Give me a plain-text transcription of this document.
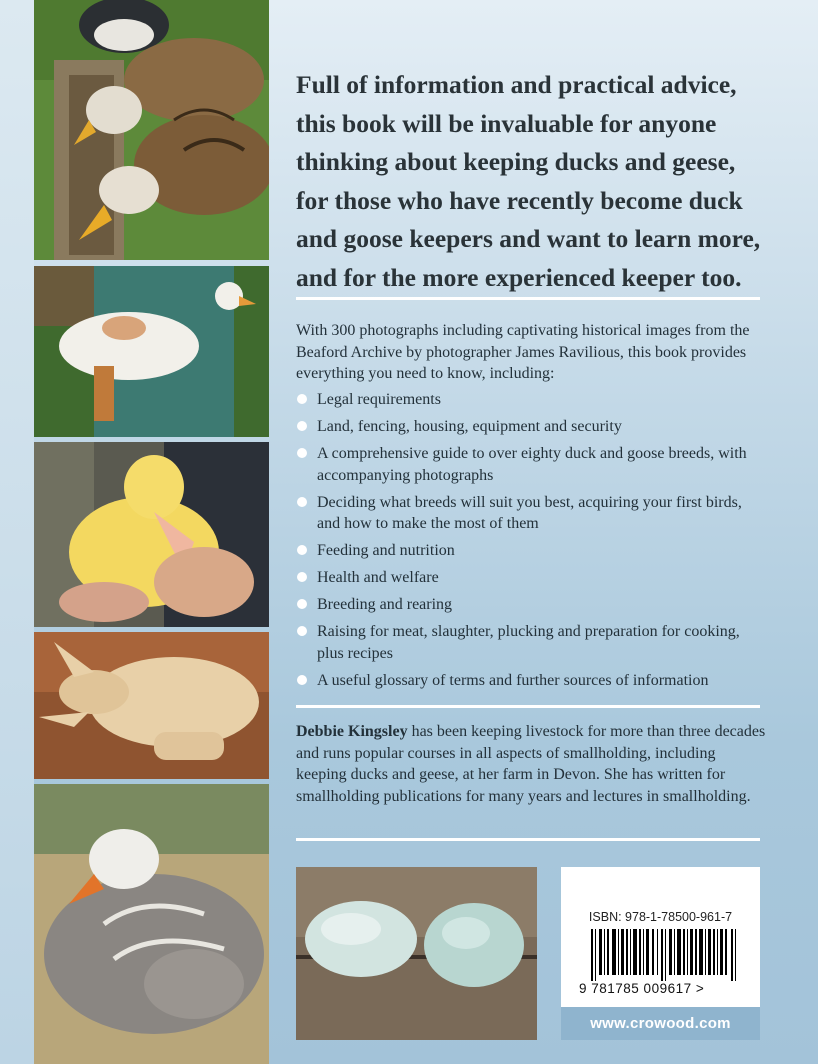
Full of information and practical advice,
this book will be invaluable for anyone
thinking about keeping ducks and geese,
for those who have recently become duck
and goose keepers and want to learn more,
and for the more experienced keeper too.
With 300 photographs including captivating historical images from the Beaford Archive by photographer James Ravilious, this book provides everything you need to know, including:
Legal requirements
Land, fencing, housing, equipment and security
A comprehensive guide to over eighty duck and goose breeds, with accompanying photographs
Deciding what breeds will suit you best, acquiring your first birds, and how to make the most of them
Feeding and nutrition
Health and welfare
Breeding and rearing
Raising for meat, slaughter, plucking and preparation for cooking, plus recipes
A useful glossary of terms and further sources of information
Debbie Kingsley has been keeping livestock for more than three decades and runs popular courses in all aspects of smallholding, including keeping ducks and geese, at her farm in Devon. She has written for smallholding publications for many years and lectures in smallholding.
ISBN: 978-1-78500-961-7
9 781785 009617 >
www.crowood.com
